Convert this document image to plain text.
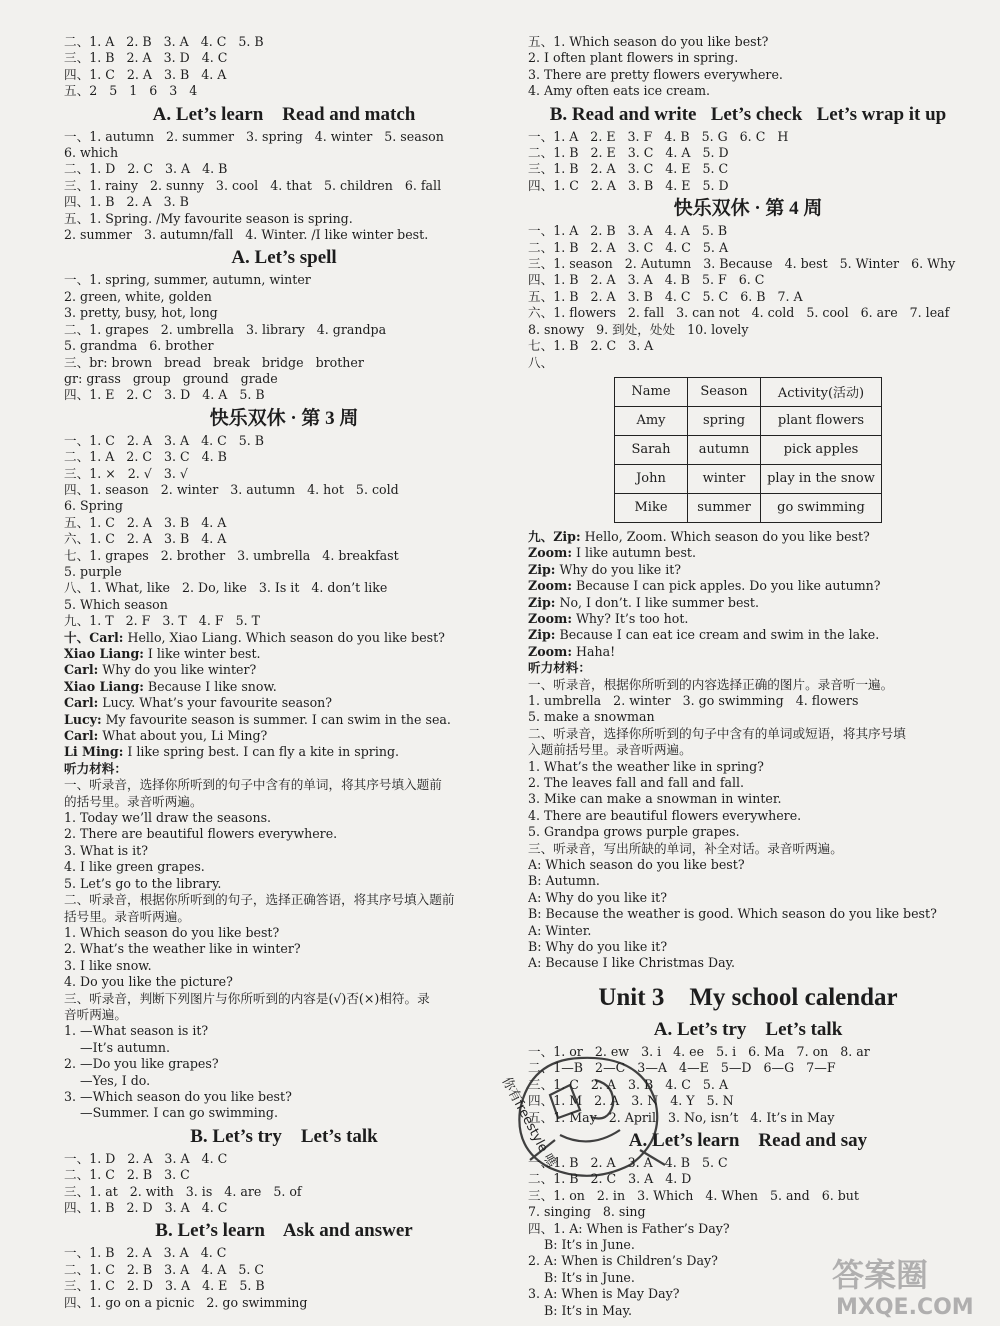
二、1. A   2. B   3. A   4. C   5. B
三、1. B   2. A   3. D   4. C
四、1. C   2. A   3. B   4. A
五、2   5   1   6   3   4
A. Let’s learn    Read and match
一、1. autumn   2. summer   3. spring   4. winter   5. season
6. which
二、1. D   2. C   3. A   4. B
三、1. rainy   2. sunny   3. cool   4. that   5. children   6. fall
四、1. B   2. A   3. B
五、1. Spring. /My favourite season is spring.
2. summer   3. autumn/fall   4. Winter. /I like winter best.
A. Let’s spell
一、1. spring, summer, autumn, winter
2. green, white, golden
3. pretty, busy, hot, long
二、1. grapes   2. umbrella   3. library   4. grandpa
5. grandma   6. brother
三、br: brown   bread   break   bridge   brother
gr: grass   group   ground   grade
四、1. E   2. C   3. D   4. A   5. B
快乐双休 · 第 3 周
一、1. C   2. A   3. A   4. C   5. B
二、1. A   2. C   3. C   4. B
三、1. ×   2. √   3. √
四、1. season   2. winter   3. autumn   4. hot   5. cold
6. Spring
五、1. C   2. A   3. B   4. A
六、1. C   2. A   3. B   4. A
七、1. grapes   2. brother   3. umbrella   4. breakfast
5. purple
八、1. What, like   2. Do, like   3. Is it   4. don’t like
5. Which season
九、1. T   2. F   3. T   4. F   5. T
十、Carl: Hello, Xiao Liang. Which season do you like best?
Xiao Liang: I like winter best.
Carl: Why do you like winter?
Xiao Liang: Because I like snow.
Carl: Lucy. What’s your favourite season?
Lucy: My favourite season is summer. I can swim in the sea.
Carl: What about you, Li Ming?
Li Ming: I like spring best. I can fly a kite in spring.
听力材料：
一、听录音，选择你所听到的句子中含有的单词，将其序号填入题前
的括号里。录音听两遍。
1. Today we’ll draw the seasons.
2. There are beautiful flowers everywhere.
3. What is it?
4. I like green grapes.
5. Let’s go to the library.
二、听录音，根据你所听到的句子，选择正确答语，将其序号填入题前
括号里。录音听两遍。
1. Which season do you like best?
2. What’s the weather like in winter?
3. I like snow.
4. Do you like the picture?
三、听录音，判断下列图片与你所听到的内容是(√)否(×)相符。录
音听两遍。
1. —What season is it?
—It’s autumn.
2. —Do you like grapes?
—Yes, I do.
3. —Which season do you like best?
—Summer. I can go swimming.
B. Let’s try    Let’s talk
一、1. D   2. A   3. A   4. C
二、1. C   2. B   3. C
三、1. at   2. with   3. is   4. are   5. of
四、1. B   2. D   3. A   4. C
B. Let’s learn    Ask and answer
一、1. B   2. A   3. A   4. C
二、1. C   2. B   3. A   4. A   5. C
三、1. C   2. D   3. A   4. E   5. B
四、1. go on a picnic   2. go swimming
五、1. Which season do you like best?
2. I often plant flowers in spring.
3. There are pretty flowers everywhere.
4. Amy often eats ice cream.
B. Read and write   Let’s check   Let’s wrap it up
一、1. A   2. E   3. F   4. B   5. G   6. C   H
二、1. B   2. E   3. C   4. A   5. D
三、1. B   2. A   3. C   4. E   5. C
四、1. C   2. A   3. B   4. E   5. D
快乐双休 · 第 4 周
一、1. A   2. B   3. A   4. A   5. B
二、1. B   2. A   3. C   4. C   5. A
三、1. season   2. Autumn   3. Because   4. best   5. Winter   6. Why
四、1. B   2. A   3. A   4. B   5. F   6. C
五、1. B   2. A   3. B   4. C   5. C   6. B   7. A
六、1. flowers   2. fall   3. can not   4. cold   5. cool   6. are   7. leaf
8. snowy   9. 到处，处处   10. lovely
七、1. B   2. C   3. A
八、
Name	Season	Activity(活动)
Amy	spring	plant flowers
Sarah	autumn	pick apples
John	winter	play in the snow
Mike	summer	go swimming
九、Zip: Hello, Zoom. Which season do you like best?
Zoom: I like autumn best.
Zip: Why do you like it?
Zoom: Because I can pick apples. Do you like autumn?
Zip: No, I don’t. I like summer best.
Zoom: Why? It’s too hot.
Zip: Because I can eat ice cream and swim in the lake.
Zoom: Haha!
听力材料：
一、听录音，根据你所听到的内容选择正确的图片。录音听一遍。
1. umbrella   2. winter   3. go swimming   4. flowers
5. make a snowman
二、听录音，选择你所听到的句子中含有的单词或短语，将其序号填
入题前括号里。录音听两遍。
1. What’s the weather like in spring?
2. The leaves fall and fall and fall.
3. Mike can make a snowman in winter.
4. There are beautiful flowers everywhere.
5. Grandpa grows purple grapes.
三、听录音，写出所缺的单词，补全对话。录音听两遍。
A: Which season do you like best?
B: Autumn.
A: Why do you like it?
B: Because the weather is good. Which season do you like best?
A: Winter.
B: Why do you like it?
A: Because I like Christmas Day.
Unit 3    My school calendar
A. Let’s try    Let’s talk
一、1. or   2. ew   3. i   4. ee   5. i   6. Ma   7. on   8. ar
二、1—B   2—C   3—A   4—E   5—D   6—G   7—F
三、1. C   2. A   3. B   4. C   5. A
四、1. M   2. A   3. N   4. Y   5. N
五、1. May   2. April   3. No, isn’t   4. It’s in May
A. Let’s learn    Read and say
一、1. B   2. A   3. A   4. B   5. C
二、1. B   2. C   3. A   4. D
三、1. on   2. in   3. Which   4. When   5. and   6. but
7. singing   8. sing
四、1. A: When is Father’s Day?
B: It’s in June.
2. A: When is Children’s Day?
B: It’s in June.
3. A: When is May Day?
B: It’s in May.
你有freestyle 嗎
答案圈
MXQE.COM
